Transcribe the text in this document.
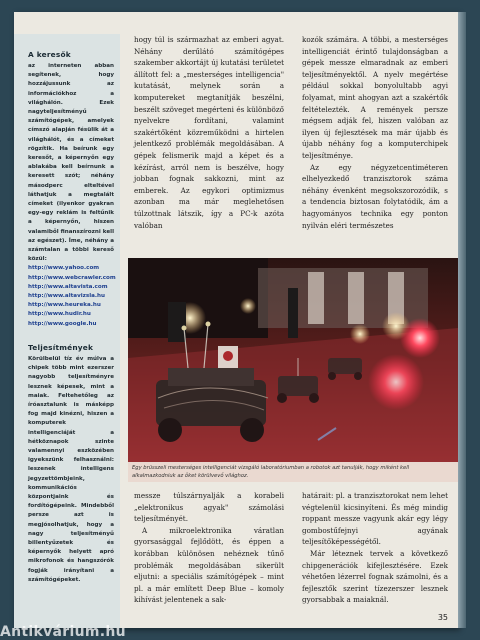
A keresők

az interneten abban segítenek, hogy hozzájussunk az információkhoz a világhálón. Ezek nagyteljesítményű számítógépek, amelyek címszó alapján fésülik át a világhálót, és a címeket rögzítik. Ha beírunk egy keresőt, a képernyőn egy ablakába kell beírnunk a keresett szót; néhány másodperc elteltével láthatjuk a megtalált címeket (ilyenkor gyakran egy-egy reklám is feltűnik a képernyőn, hiszen valamiből finanszírozni kell az egészet). Íme, néhány a számtalan a többi kereső közül:

http://www.yahoo.com
http://www.webcrawler.com
http://www.altavista.com
http://www.altavizsla.hu
http://www.heureka.hu
http://www.hudir.hu
http://www.google.hu
Teljesítmények

Körülbelül tíz év múlva a chipek több mint ezerszer nagyobb teljesítményre lesznek képesek, mint a maiak. Feltehetőleg az íróasztalunk is másképp fog majd kinézni, hiszen a komputerek intelligenciáját a hétköznapok szinte valamennyi eszközében igyekszünk felhasználni: leszenek intelligens jegyzettömbjeink, kommunikációs központjaink és fordítógépeink. Mindebből persze azt is megjósolhatjuk, hogy a nagy teljesítményű billentyűzetek és képernyők helyett apró mikrofonok és hangszórók fogják irányítani a számítógépeket.

hogy túl is származhat az emberi agyat. Néhány derűlátó számítógépes szakember akkortájt új kutatási területet állított fel: a „mesterséges intelligencia" kutatását, melynek során a komputereket megtanítják beszélni, beszélt szöveget megérteni és különböző nyelvekre fordítani, valamint szakértőként közreműködni a hirtelen jelentkező problémák megoldásában. A gépek felismerik majd a képet és a kézírást, arról nem is beszélve, hogy jobban fognak sakkozni, mint az emberek. Az egykori optimizmus azonban ma már meglehetősen túlzottnak látszik, így a PC-k azóta valóban

kozók számára. A többi, a mesterséges intelligenciát érintő tulajdonságban a gépek messze elmaradnak az emberi teljesítményektől. A nyelv megértése például sokkal bonyolultabb agyi folyamat, mint ahogyan azt a szakértők feltételezték. A remények persze mégsem adják fel, hiszen valóban az ilyen új fejlesztések ma már újabb és újabb néhány fog a komputerchipek teljesítménye.

Az egy négyzetcentiméteren elhelyezkedő tranzisztorok száma néhány évenként megsokszorozódik, s a tendencia biztosan folytatódik, ám a hagyományos technika egy ponton nyilván eléri természetes

Egy brüsszeli mesterséges intelligenciát vizsgáló laboratóriumban a robotok azt tanulják, hogy miként kell alkalmazkodniuk az őket körülvevő világhoz.

messze túlszárnyalják a korabeli „elektronikus agyak" számolási teljesítményét.

A mikroelektronika váratlan gyorsasággal fejlődött, és éppen a korábban különösen nehéznek tűnő problémák megoldásában sikerült eljutni: a speciális számítógépek – mint pl. a már említett Deep Blue – komoly kihívást jelentenek a sak-

határait: pl. a tranzisztorokat nem lehet végtelenül kicsinyíteni. És még mindig roppant messze vagyunk akár egy légy gombostűfejnyi agyának teljesítőképességétől.

Már léteznek tervek a következő chipgenerációk kifejlesztésére. Ezek véhetően lézerrel fognak számolni, és a fejlesztők szerint tízezerszer lesznek gyorsabbak a maiaknál.

35
Antikvárium.hu
